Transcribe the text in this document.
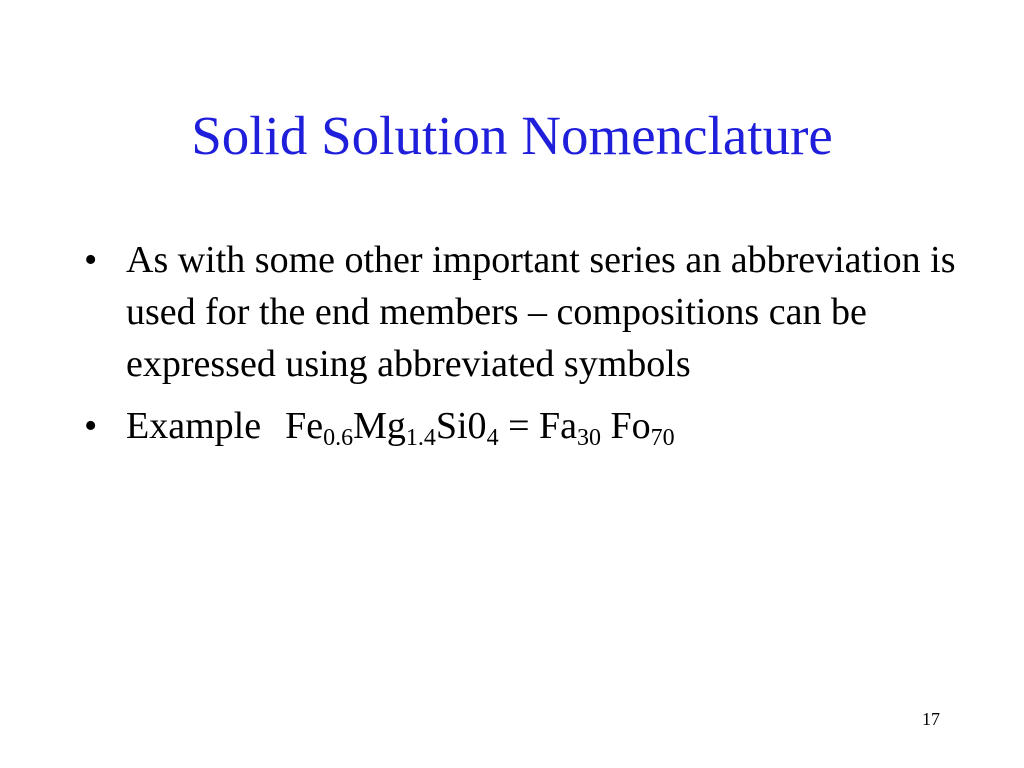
Solid Solution Nomenclature
• As with some other important series an abbreviation is used for the end members – compositions can be expressed using abbreviated symbols
• Example $Fe_{0.6}Mg_{1.4}Si0_4 = Fa_{30}$ $Fo_{70}$
17
